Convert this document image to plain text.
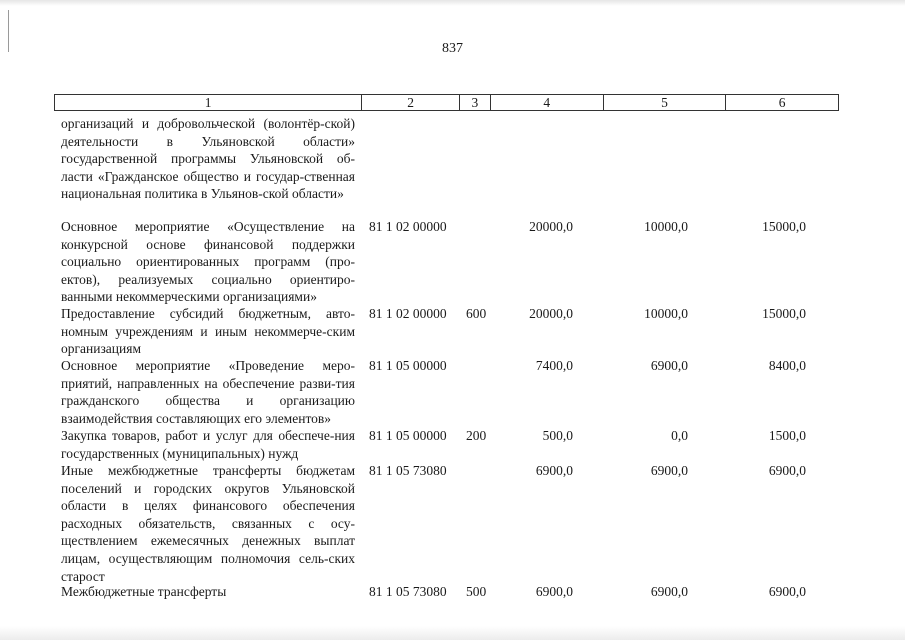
837
1	2	3	4	5	6
организаций и добровольческой (волонтёр-ской) деятельности в Ульяновской области» государственной программы Ульяновской об-ласти «Гражданское общество и государ-ственная национальная политика в Ульянов-ской области»
Основное мероприятие «Осуществление на конкурсной основе финансовой поддержки социально ориентированных программ (про-ектов), реализуемых социально ориентиро-ванными некоммерческими организациями»
81 1 02 00000	20000,0	10000,0	15000,0
Предоставление субсидий бюджетным, авто-номным учреждениям и иным некоммерче-ским организациям
81 1 02 00000 600	20000,0	10000,0	15000,0
Основное мероприятие «Проведение меро-приятий, направленных на обеспечение разви-тия гражданского общества и организацию взаимодействия составляющих его элементов»
81 1 05 00000	7400,0	6900,0	8400,0
Закупка товаров, работ и услуг для обеспече-ния государственных (муниципальных) нужд
81 1 05 00000 200	500,0	0,0	1500,0
Иные межбюджетные трансферты бюджетам поселений и городских округов Ульяновской области в целях финансового обеспечения расходных обязательств, связанных с осу-ществлением ежемесячных денежных выплат лицам, осуществляющим полномочия сель-ских старост
81 1 05 73080	6900,0	6900,0	6900,0
Межбюджетные трансферты	81 1 05 73080 500	6900,0	6900,0	6900,0
